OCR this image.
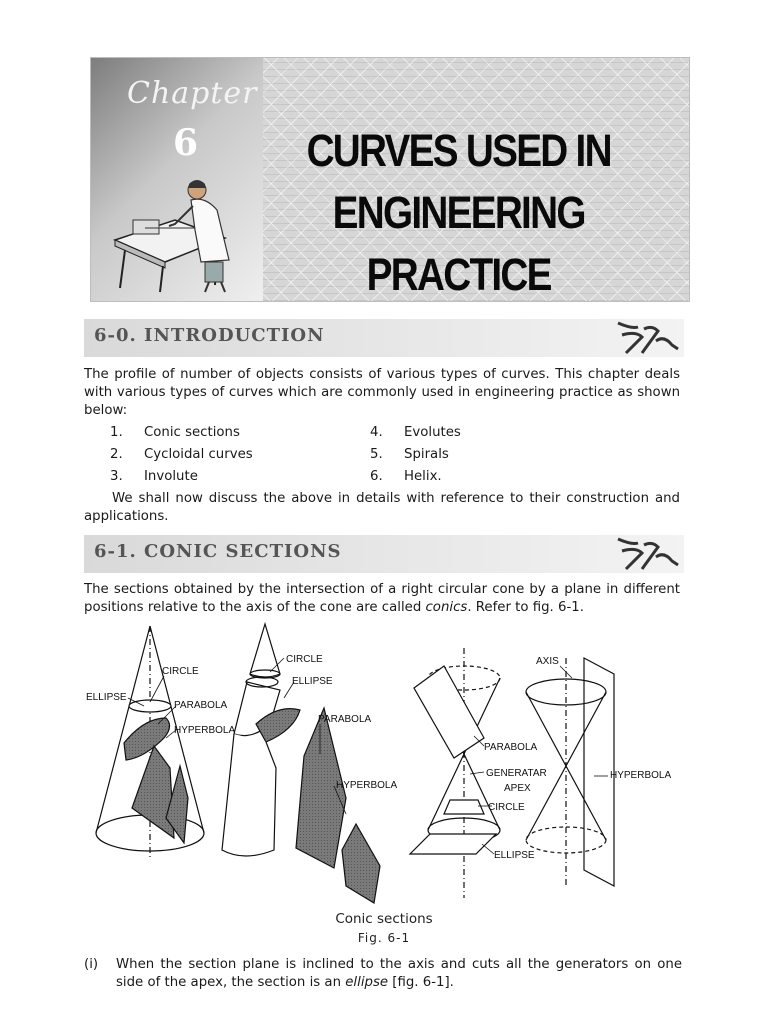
Chapter
6	CURVES USED IN
ENGINEERING PRACTICE
6-0. INTRODUCTION
The profile of number of objects consists of various types of curves. This chapter deals with various types of curves which are commonly used in engineering practice as shown below:
1.	Conic sections	4.	Evolutes
2.	Cycloidal curves	5.	Spirals
3.	Involute	6.	Helix.
We shall now discuss the above in details with reference to their construction and applications.
6-1. CONIC SECTIONS
The sections obtained by the intersection of a right circular cone by a plane in different positions relative to the axis of the cone are called conics. Refer to fig. 6-1.
CIRCLE
ELLIPSE
PARABOLA
HYPERBOLA
CIRCLE
ELLIPSE
PARABOLA
HYPERBOLA
AXIS
PARABOLA
GENERATAR
APEX
CIRCLE
ELLIPSE
HYPERBOLA
Conic sections
Fig. 6-1
(i) When the section plane is inclined to the axis and cuts all the generators on one side of the apex, the section is an ellipse [fig. 6-1].
